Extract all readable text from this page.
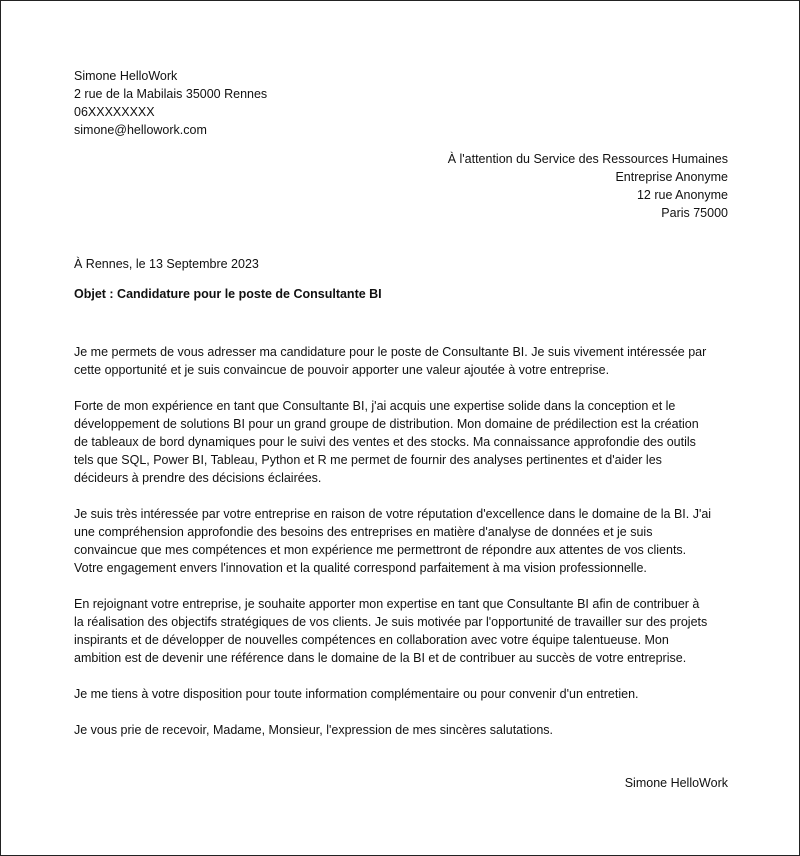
Simone HelloWork
2 rue de la Mabilais 35000 Rennes
06XXXXXXXX
simone@hellowork.com
À l'attention du Service des Ressources Humaines
Entreprise Anonyme
12 rue Anonyme
Paris 75000
À Rennes, le 13 Septembre 2023
Objet : Candidature pour le poste de Consultante BI

Je me permets de vous adresser ma candidature pour le poste de Consultante BI. Je suis vivement intéressée par
cette opportunité et je suis convaincue de pouvoir apporter une valeur ajoutée à votre entreprise.

Forte de mon expérience en tant que Consultante BI, j'ai acquis une expertise solide dans la conception et le
développement de solutions BI pour un grand groupe de distribution. Mon domaine de prédilection est la création
de tableaux de bord dynamiques pour le suivi des ventes et des stocks. Ma connaissance approfondie des outils
tels que SQL, Power BI, Tableau, Python et R me permet de fournir des analyses pertinentes et d'aider les
décideurs à prendre des décisions éclairées.

Je suis très intéressée par votre entreprise en raison de votre réputation d'excellence dans le domaine de la BI. J'ai
une compréhension approfondie des besoins des entreprises en matière d'analyse de données et je suis
convaincue que mes compétences et mon expérience me permettront de répondre aux attentes de vos clients.
Votre engagement envers l'innovation et la qualité correspond parfaitement à ma vision professionnelle.

En rejoignant votre entreprise, je souhaite apporter mon expertise en tant que Consultante BI afin de contribuer à
la réalisation des objectifs stratégiques de vos clients. Je suis motivée par l'opportunité de travailler sur des projets
inspirants et de développer de nouvelles compétences en collaboration avec votre équipe talentueuse. Mon
ambition est de devenir une référence dans le domaine de la BI et de contribuer au succès de votre entreprise.

Je me tiens à votre disposition pour toute information complémentaire ou pour convenir d'un entretien.

Je vous prie de recevoir, Madame, Monsieur, l'expression de mes sincères salutations.

Simone HelloWork
